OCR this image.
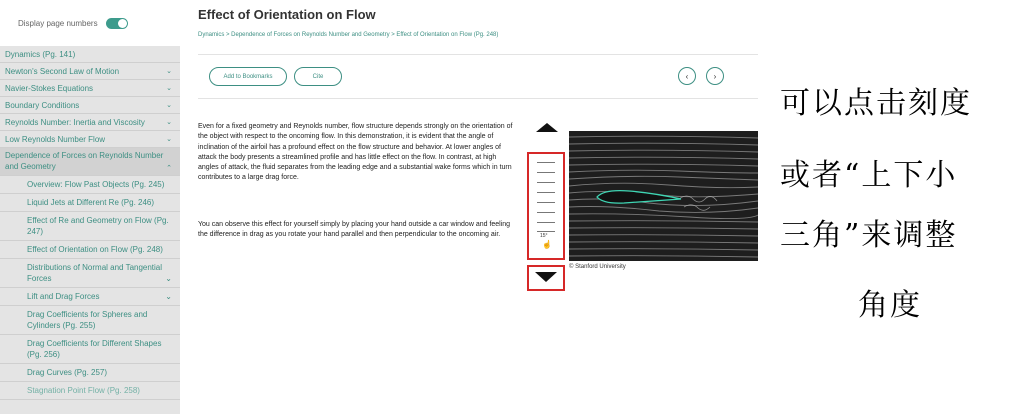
Display page numbers
Dynamics (Pg. 141)
Newton's Second Law of Motion	⌄
Navier-Stokes Equations	⌄
Boundary Conditions	⌄
Reynolds Number: Inertia and Viscosity	⌄
Low Reynolds Number Flow	⌄
Dependence of Forces on Reynolds Number and Geometry	⌃
Overview: Flow Past Objects (Pg. 245)
Liquid Jets at Different Re (Pg. 246)
Effect of Re and Geometry on Flow (Pg. 247)
Effect of Orientation on Flow (Pg. 248)
Distributions of Normal and Tangential Forces	⌄
Lift and Drag Forces	⌄
Drag Coefficients for Spheres and Cylinders (Pg. 255)
Drag Coefficients for Different Shapes (Pg. 256)
Drag Curves (Pg. 257)
Stagnation Point Flow (Pg. 258)
Effect of Orientation on Flow
Dynamics > Dependence of Forces on Reynolds Number and Geometry > Effect of Orientation on Flow (Pg. 248)
Add to Bookmarks	Cite	‹	›
Even for a fixed geometry and Reynolds number, flow structure depends strongly on the orientation of the object with respect to the oncoming flow. In this demonstration, it is evident that the angle of inclination of the airfoil has a profound effect on the flow structure and behavior. At lower angles of attack the body presents a streamlined profile and has little effect on the flow. In contrast, at high angles of attack, the fluid separates from the leading edge and a substantial wake forms which in turn contributes to a large drag force.
You can observe this effect for yourself simply by placing your hand outside a car window and feeling the difference in drag as you rotate your hand parallel and then perpendicular to the oncoming air.	15°
☝
© Stanford University
可以点击刻度
或者“上下小
三角”来调整
角度
